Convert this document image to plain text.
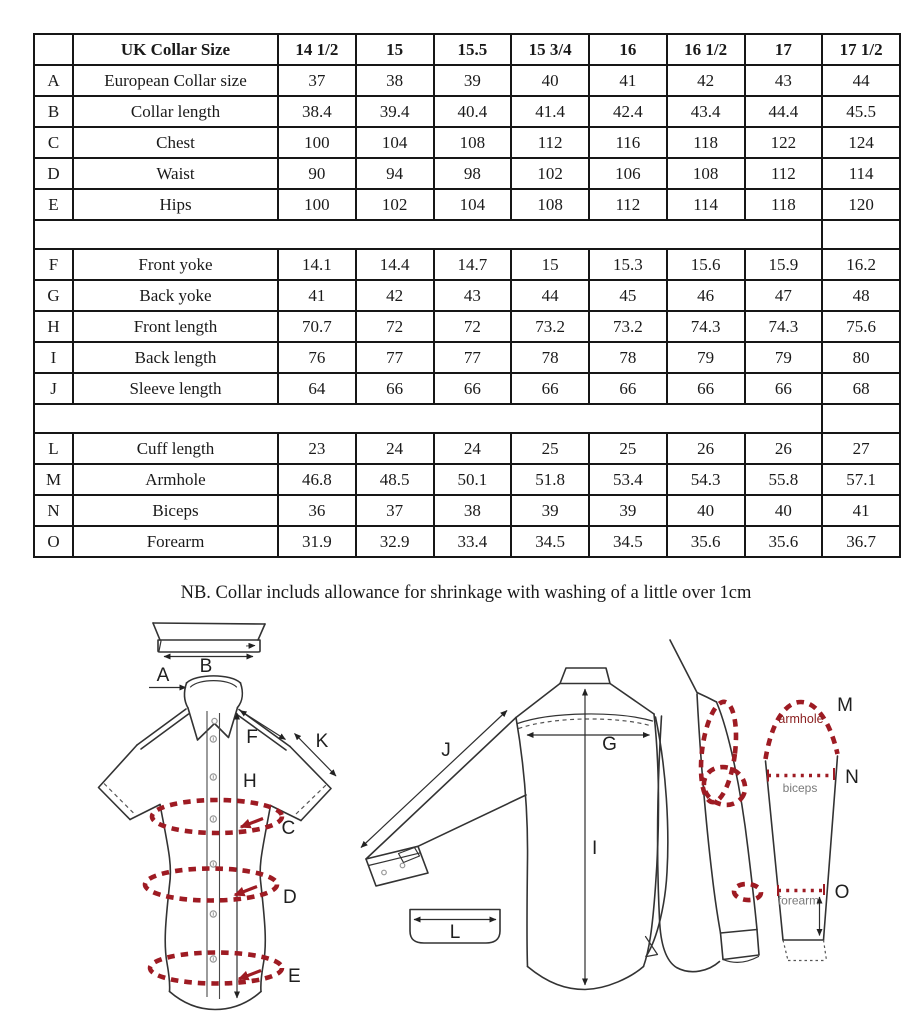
	UK Collar Size	14 1/2	15	15.5	15 3/4	16	16 1/2	17	17 1/2
A	European Collar size	37	38	39	40	41	42	43	44
B	Collar length	38.4	39.4	40.4	41.4	42.4	43.4	44.4	45.5
C	Chest	100	104	108	112	116	118	122	124
D	Waist	90	94	98	102	106	108	112	114
E	Hips	100	102	104	108	112	114	118	120

F	Front yoke	14.1	14.4	14.7	15	15.3	15.6	15.9	16.2
G	Back yoke	41	42	43	44	45	46	47	48
H	Front length	70.7	72	72	73.2	73.2	74.3	74.3	75.6
I	Back length	76	77	77	78	78	79	79	80
J	Sleeve length	64	66	66	66	66	66	66	68

L	Cuff length	23	24	24	25	25	26	26	27
M	Armhole	46.8	48.5	50.1	51.8	53.4	54.3	55.8	57.1
N	Biceps	36	37	38	39	39	40	40	41
O	Forearm	31.9	32.9	33.4	34.5	34.5	35.6	35.6	36.7

NB. Collar includs allowance for shrinkage with washing of a little over 1cm

B
A
H
F	K
C
D
E
G
I
J
L
armhole
M
biceps N
forearm O
